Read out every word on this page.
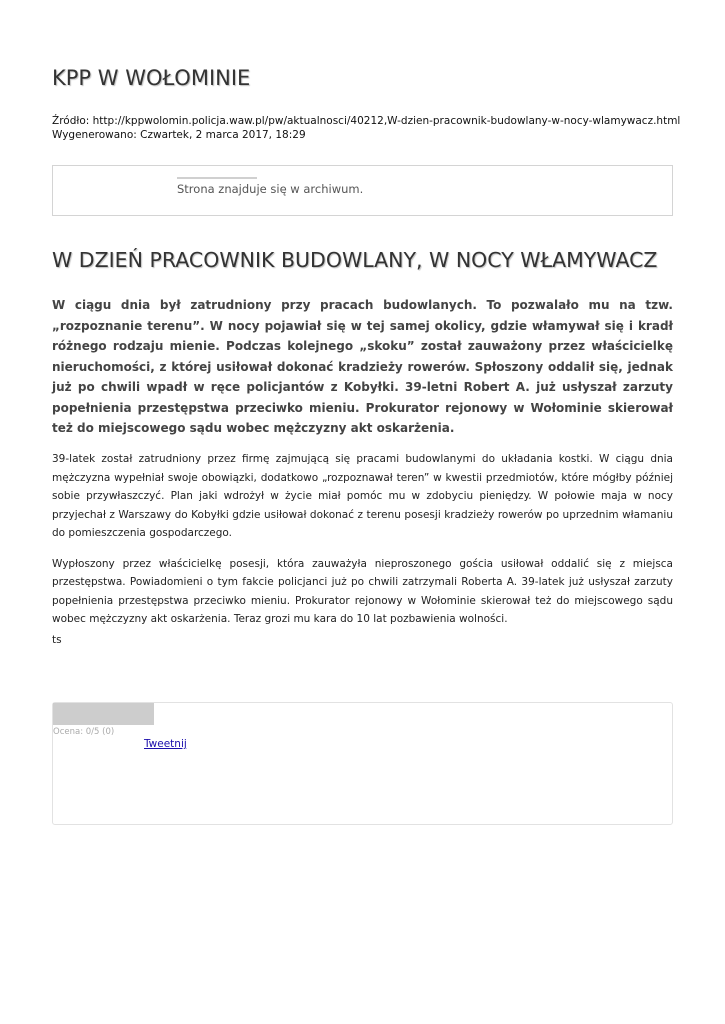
KPP W WOŁOMINIE
Źródło: http://kppwolomin.policja.waw.pl/pw/aktualnosci/40212,W-dzien-pracownik-budowlany-w-nocy-wlamywacz.html
Wygenerowano: Czwartek, 2 marca 2017, 18:29
Strona znajduje się w archiwum.
W DZIEŃ PRACOWNIK BUDOWLANY, W NOCY WŁAMYWACZ

W ciągu dnia był zatrudniony przy pracach budowlanych. To pozwalało mu na tzw. „rozpoznanie terenu”. W nocy pojawiał się w tej samej okolicy, gdzie włamywał się i kradł różnego rodzaju mienie. Podczas kolejnego „skoku” został zauważony przez właścicielkę nieruchomości, z której usiłował dokonać kradzieży rowerów. Spłoszony oddalił się, jednak już po chwili wpadł w ręce policjantów z Kobyłki. 39-letni Robert A. już usłyszał zarzuty popełnienia przestępstwa przeciwko mieniu. Prokurator rejonowy w Wołominie skierował też do miejscowego sądu wobec mężczyzny akt oskarżenia.

39-latek został zatrudniony przez firmę zajmującą się pracami budowlanymi do układania kostki. W ciągu dnia mężczyzna wypełniał swoje obowiązki, dodatkowo „rozpoznawał teren” w kwestii przedmiotów, które mógłby później sobie przywłaszczyć. Plan jaki wdrożył w życie miał pomóc mu w zdobyciu pieniędzy. W połowie maja w nocy przyjechał z Warszawy do Kobyłki gdzie usiłował dokonać z terenu posesji kradzieży rowerów po uprzednim włamaniu do pomieszczenia gospodarczego.

Wypłoszony przez właścicielkę posesji, która zauważyła nieproszonego gościa usiłował oddalić się z miejsca przestępstwa. Powiadomieni o tym fakcie policjanci już po chwili zatrzymali Roberta A. 39-latek już usłyszał zarzuty popełnienia przestępstwa przeciwko mieniu. Prokurator rejonowy w Wołominie skierował też do miejscowego sądu wobec mężczyzny akt oskarżenia. Teraz grozi mu kara do 10 lat pozbawienia wolności.

ts
Ocena: 0/5 (0)
Tweetnij
